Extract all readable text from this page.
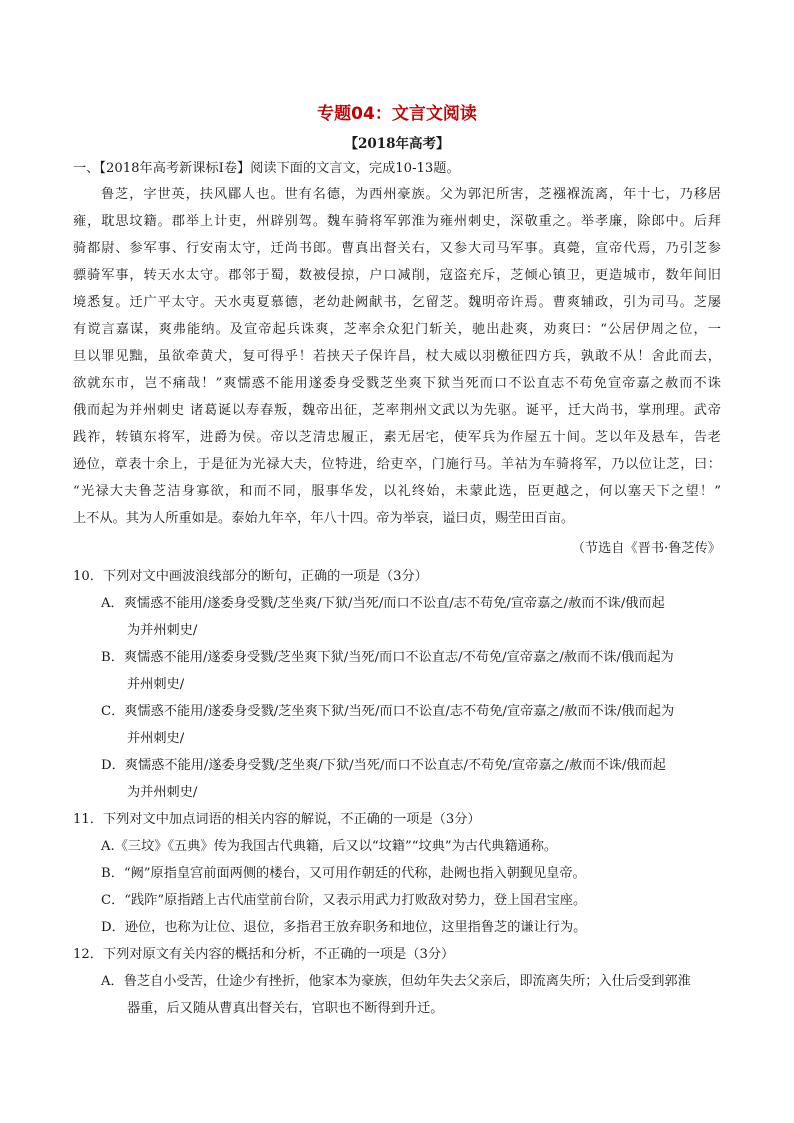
专题04：文言文阅读
【2018年高考】
一、【2018年高考新课标Ⅰ卷】阅读下面的文言文，完成10-13题。
鲁芝，字世英，扶风郿人也。世有名德，为西州豪族。父为郭汜所害，芝襁褓流离，年十七，乃移居
雍，耽思坟籍。郡举上计吏，州辟别驾。魏车骑将军郭淮为雍州刺史，深敬重之。举孝廉，除郎中。后拜
骑都尉、参军事、行安南太守，迁尚书郎。曹真出督关右，又参大司马军事。真薨，宣帝代焉，乃引芝参
骠骑军事，转天水太守。郡邻于蜀，数被侵掠，户口减削，寇盗充斥，芝倾心镇卫，更造城市，数年间旧
境悉复。迁广平太守。天水夷夏慕德，老幼赴阙献书，乞留芝。魏明帝许焉。曹爽辅政，引为司马。芝屡
有谠言嘉谋，爽弗能纳。及宣帝起兵诛爽，芝率余众犯门斩关，驰出赴爽，劝爽曰：“公居伊周之位，一
旦以罪见黜，虽欲牵黄犬，复可得乎！若挟天子保许昌，杖大威以羽檄征四方兵，孰敢不从！舍此而去，
欲就东市，岂不痛哉！”爽懦惑不能用遂委身受戮芝坐爽下狱当死而口不讼直志不苟免宣帝嘉之赦而不诛
俄而起为并州刺史 诸葛诞以寿春叛，魏帝出征，芝率荆州文武以为先驱。诞平，迁大尚书，掌刑理。武帝
践祚，转镇东将军，进爵为侯。帝以芝清忠履正，素无居宅，使军兵为作屋五十间。芝以年及悬车，告老
逊位，章表十余上，于是征为光禄大夫，位特进，给吏卒，门施行马。羊祜为车骑将军，乃以位让芝，曰：
“光禄大夫鲁芝洁身寡欲，和而不同，服事华发，以礼终始，未蒙此选，臣更越之，何以塞天下之望！”
上不从。其为人所重如是。泰始九年卒，年八十四。帝为举哀，谥曰贞，赐茔田百亩。
（节选自《晋书·鲁芝传》
10．下列对文中画波浪线部分的断句，正确的一项是（3分）
A．爽懦惑不能用/遂委身受戮/芝坐爽/下狱/当死/而口不讼直/志不苟免/宣帝嘉之/赦而不诛/俄而起
为并州刺史/
B．爽懦惑不能用/遂委身受戮/芝坐爽下狱/当死/而口不讼直志/不苟免/宣帝嘉之/赦而不诛/俄而起为
并州刺史/
C．爽懦惑不能用/遂委身受戮/芝坐爽下狱/当死/而口不讼直/志不苟免/宣帝嘉之/赦而不诛/俄而起为
并州刺史/
D．爽懦惑不能用/遂委身受戮/芝坐爽/下狱/当死/而口不讼直志/不苟免/宣帝嘉之/赦而不诛/俄而起
为并州刺史/
11．下列对文中加点词语的相关内容的解说，不正确的一项是（3分）
A.《三坟》《五典》传为我国古代典籍，后又以“坟籍”“坟典”为古代典籍通称。
B．“阙”原指皇宫前面两侧的楼台，又可用作朝廷的代称，赴阙也指入朝觐见皇帝。
C．“践阼”原指踏上古代庙堂前台阶，又表示用武力打败敌对势力，登上国君宝座。
D．逊位，也称为让位、退位，多指君王放弃职务和地位，这里指鲁芝的谦让行为。
12．下列对原文有关内容的概括和分析，不正确的一项是（3分）
A．鲁芝自小受苦，仕途少有挫折，他家本为豪族，但幼年失去父亲后，即流离失所；入仕后受到郭淮
器重，后又随从曹真出督关右，官职也不断得到升迁。
